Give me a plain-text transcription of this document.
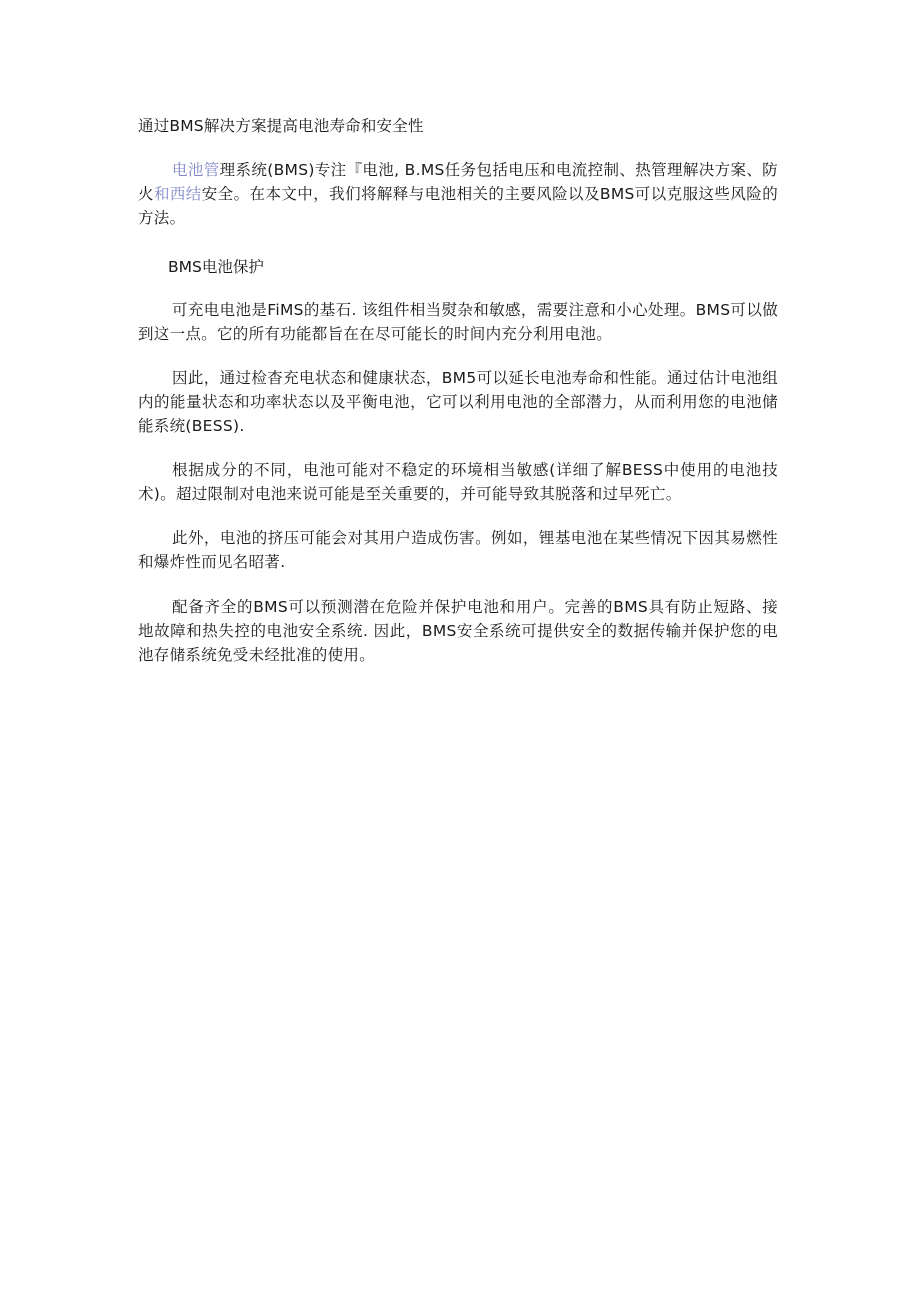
通过BMS解决方案提高电池寿命和安全性
电池管理系统(BMS)专注『电池, B.MS任务包括电压和电流控制、热管理解决方案、防火和西结安全。在本文中，我们将解释与电池相关的主要风险以及BMS可以克服这些风险的方法。
BMS电池保护
可充电电池是FiMS的基石. 该组件相当熨杂和敏感，需要注意和小心处理。BMS可以做到这一点。它的所有功能都旨在在尽可能长的时间内充分利用电池。
因此，通过检杳充电状态和健康状态，BM5可以延长电池寿命和性能。通过估计电池组内的能量状态和功率状态以及平衡电池，它可以利用电池的全部潜力，从而利用您的电池储能系统(BESS).
根据成分的不同，电池可能对不稳定的环境相当敏感(详细了解BESS中使用的电池技术)。超过限制对电池来说可能是至关重要的，并可能导致其脱落和过早死亡。
此外，电池的挤压可能会对其用户造成伤害。例如，锂基电池在某些情况下因其易燃性和爆炸性而见名昭著.
配备齐全的BMS可以预测潜在危险并保护电池和用户。完善的BMS具有防止短路、接地故障和热失控的电池安全系统. 因此，BMS安全系统可提供安全的数据传输并保护您的电池存储系统免受未经批准的使用。
